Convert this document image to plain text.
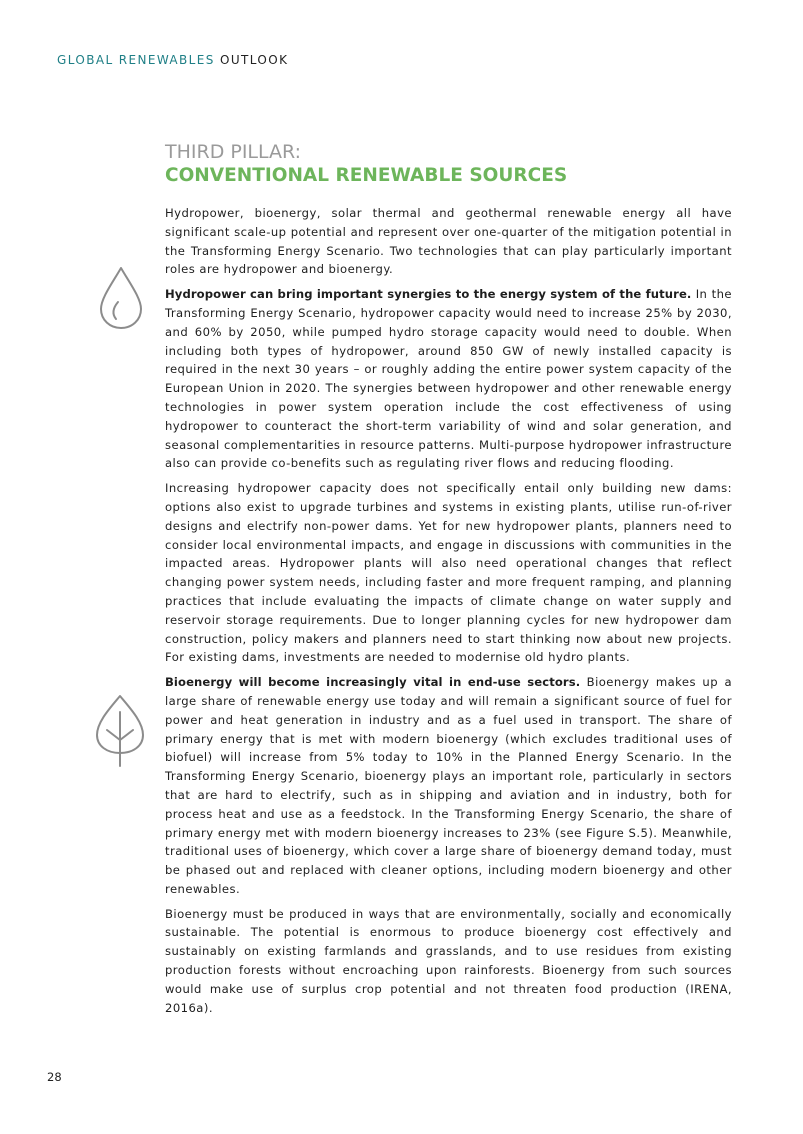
GLOBAL RENEWABLES OUTLOOK
THIRD PILLAR:
CONVENTIONAL RENEWABLE SOURCES

Hydropower, bioenergy, solar thermal and geothermal renewable energy all have significant scale-up potential and represent over one-quarter of the mitigation potential in the Transforming Energy Scenario. Two technologies that can play particularly important roles are hydropower and bioenergy.

Hydropower can bring important synergies to the energy system of the future. In the Transforming Energy Scenario, hydropower capacity would need to increase 25% by 2030, and 60% by 2050, while pumped hydro storage capacity would need to double. When including both types of hydropower, around 850 GW of newly installed capacity is required in the next 30 years – or roughly adding the entire power system capacity of the European Union in 2020. The synergies between hydropower and other renewable energy technologies in power system operation include the cost effectiveness of using hydropower to counteract the short-term variability of wind and solar generation, and seasonal complementarities in resource patterns. Multi-purpose hydropower infrastructure also can provide co-benefits such as regulating river flows and reducing flooding.

Increasing hydropower capacity does not specifically entail only building new dams: options also exist to upgrade turbines and systems in existing plants, utilise run-of-river designs and electrify non-power dams. Yet for new hydropower plants, planners need to consider local environmental impacts, and engage in discussions with communities in the impacted areas. Hydropower plants will also need operational changes that reflect changing power system needs, including faster and more frequent ramping, and planning practices that include evaluating the impacts of climate change on water supply and reservoir storage requirements. Due to longer planning cycles for new hydropower dam construction, policy makers and planners need to start thinking now about new projects. For existing dams, investments are needed to modernise old hydro plants.

Bioenergy will become increasingly vital in end-use sectors. Bioenergy makes up a large share of renewable energy use today and will remain a significant source of fuel for power and heat generation in industry and as a fuel used in transport. The share of primary energy that is met with modern bioenergy (which excludes traditional uses of biofuel) will increase from 5% today to 10% in the Planned Energy Scenario. In the Transforming Energy Scenario, bioenergy plays an important role, particularly in sectors that are hard to electrify, such as in shipping and aviation and in industry, both for process heat and use as a feedstock. In the Transforming Energy Scenario, the share of primary energy met with modern bioenergy increases to 23% (see Figure S.5). Meanwhile, traditional uses of bioenergy, which cover a large share of bioenergy demand today, must be phased out and replaced with cleaner options, including modern bioenergy and other renewables.

Bioenergy must be produced in ways that are environmentally, socially and economically sustainable. The potential is enormous to produce bioenergy cost effectively and sustainably on existing farmlands and grasslands, and to use residues from existing production forests without encroaching upon rainforests. Bioenergy from such sources would make use of surplus crop potential and not threaten food production (IRENA, 2016a).

28
